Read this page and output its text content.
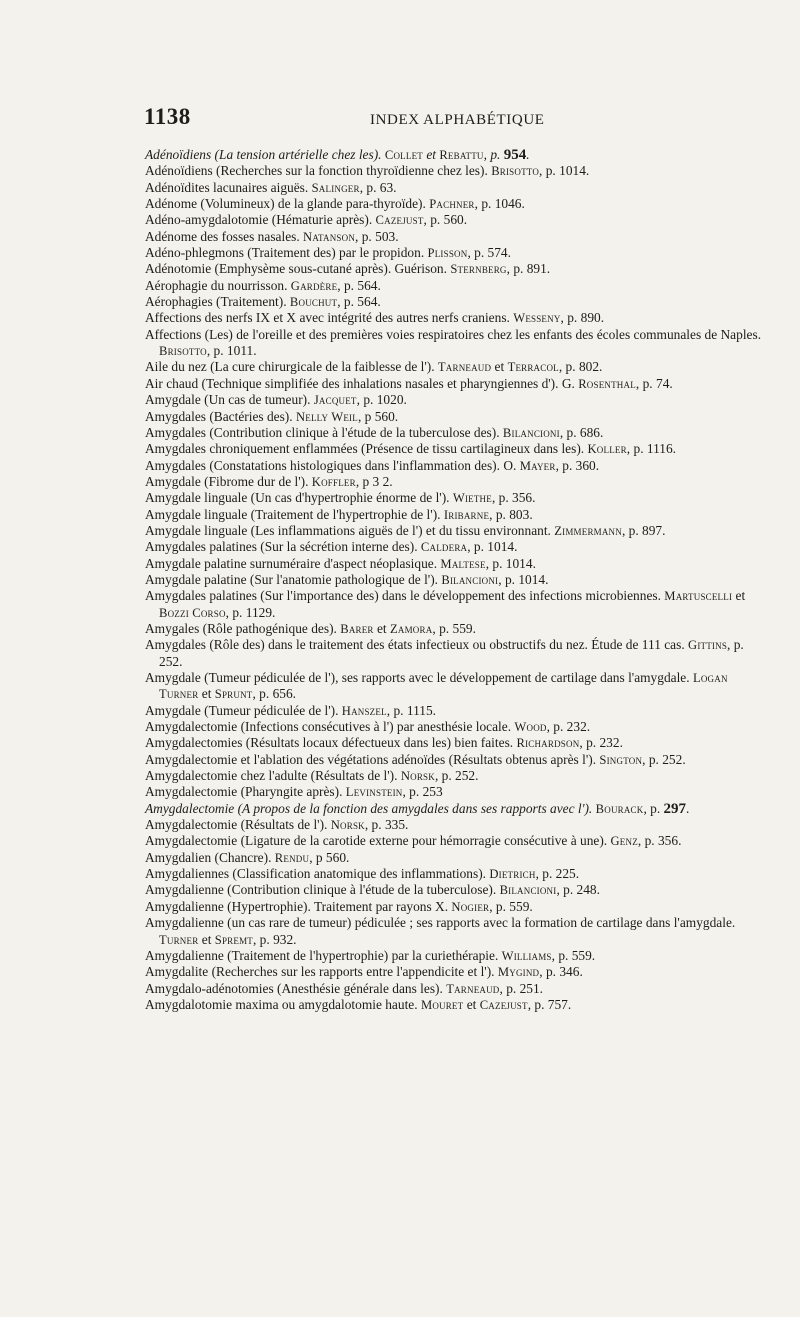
1138	INDEX ALPHABÉTIQUE
Adénoïdiens (La tension artérielle chez les). Collet et Rebattu, p. 954.
Adénoïdiens (Recherches sur la fonction thyroïdienne chez les). Brisotto, p. 1014.
Adénoïdites lacunaires aiguës. Salinger, p. 63.
Adénome (Volumineux) de la glande para-thyroïde). Pachner, p. 1046.
Adéno-amygdalotomie (Hématurie après). Cazejust, p. 560.
Adénome des fosses nasales. Natanson, p. 503.
Adéno-phlegmons (Traitement des) par le propidon. Plisson, p. 574.
Adénotomie (Emphysème sous-cutané après). Guérison. Sternberg, p. 891.
Aérophagie du nourrisson. Gardère, p. 564.
Aérophagies (Traitement). Bouchut, p. 564.
Affections des nerfs IX et X avec intégrité des autres nerfs craniens. Wesseny, p. 890.
Affections (Les) de l'oreille et des premières voies respiratoires chez les enfants des écoles communales de Naples. Brisotto, p. 1011.
Aile du nez (La cure chirurgicale de la faiblesse de l'). Tarneaud et Terracol, p. 802.
Air chaud (Technique simplifiée des inhalations nasales et pharyngiennes d'). G. Rosenthal, p. 74.
Amygdale (Un cas de tumeur). Jacquet, p. 1020.
Amygdales (Bactéries des). Nelly Weil, p 560.
Amygdales (Contribution clinique à l'étude de la tuberculose des). Bilancioni, p. 686.
Amygdales chroniquement enflammées (Présence de tissu cartilagineux dans les). Koller, p. 1116.
Amygdales (Constatations histologiques dans l'inflammation des). O. Mayer, p. 360.
Amygdale (Fibrome dur de l'). Koffler, p 3 2.
Amygdale linguale (Un cas d'hypertrophie énorme de l'). Wiethe, p. 356.
Amygdale linguale (Traitement de l'hypertrophie de l'). Iribarne, p. 803.
Amygdale linguale (Les inflammations aiguës de l') et du tissu environnant. Zimmermann, p. 897.
Amygdales palatines (Sur la sécrétion interne des). Caldera, p. 1014.
Amygdale palatine surnuméraire d'aspect néoplasique. Maltese, p. 1014.
Amygdale palatine (Sur l'anatomie pathologique de l'). Bilancioni, p. 1014.
Amygdales palatines (Sur l'importance des) dans le développement des infections microbiennes. Martuscelli et Bozzi Corso, p. 1129.
Amygales (Rôle pathogénique des). Barer et Zamora, p. 559.
Amygdales (Rôle des) dans le traitement des états infectieux ou obstructifs du nez. Étude de 111 cas. Gittins, p. 252.
Amygdale (Tumeur pédiculée de l'), ses rapports avec le développement de cartilage dans l'amygdale. Logan Turner et Sprunt, p. 656.
Amygdale (Tumeur pédiculée de l'). Hanszel, p. 1115.
Amygdalectomie (Infections consécutives à l') par anesthésie locale. Wood, p. 232.
Amygdalectomies (Résultats locaux défectueux dans les) bien faites. Richardson, p. 232.
Amygdalectomie et l'ablation des végétations adénoïdes (Résultats obtenus après l'). Sington, p. 252.
Amygdalectomie chez l'adulte (Résultats de l'). Norsk, p. 252.
Amygdalectomie (Pharyngite après). Levinstein, p. 253
Amygdalectomie (A propos de la fonction des amygdales dans ses rapports avec l'). Bourack, p. 297.
Amygdalectomie (Résultats de l'). Norsk, p. 335.
Amygdalectomie (Ligature de la carotide externe pour hémorragie consécutive à une). Genz, p. 356.
Amygdalien (Chancre). Rendu, p 560.
Amygdaliennes (Classification anatomique des inflammations). Dietrich, p. 225.
Amygdalienne (Contribution clinique à l'étude de la tuberculose). Bilancioni, p. 248.
Amygdalienne (Hypertrophie). Traitement par rayons X. Nogier, p. 559.
Amygdalienne (un cas rare de tumeur) pédiculée ; ses rapports avec la formation de cartilage dans l'amygdale. Turner et Spremt, p. 932.
Amygdalienne (Traitement de l'hypertrophie) par la curiethérapie. Williams, p. 559.
Amygdalite (Recherches sur les rapports entre l'appendicite et l'). Mygind, p. 346.
Amygdalo-adénotomies (Anesthésie générale dans les). Tarneaud, p. 251.
Amygdalotomie maxima ou amygdalotomie haute. Mouret et Cazejust, p. 757.
